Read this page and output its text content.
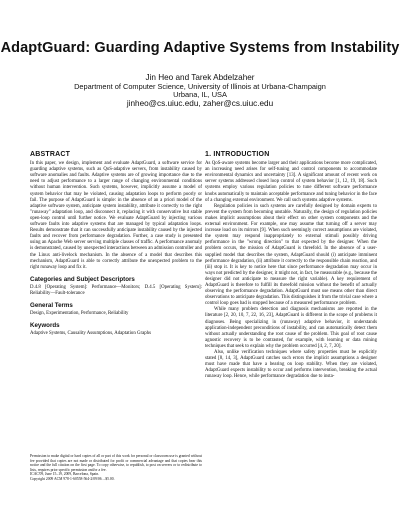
AdaptGuard: Guarding Adaptive Systems from Instability
Jin Heo and Tarek Abdelzaher
Department of Computer Science, University of Illinois at Urbana-Champaign
Urbana, IL, USA
jinheo@cs.uiuc.edu, zaher@cs.uiuc.edu
ABSTRACT

In this paper, we design, implement and evaluate AdaptGuard, a software service for guarding adaptive systems, such as QoS-adaptive servers, from instability caused by software anomalies and faults. Adaptive systems are of growing importance due to the need to adjust performance to a larger range of changing environmental conditions without human intervention. Such systems, however, implicitly assume a model of system behavior that may be violated, causing adaptation loops to perform poorly or fail. The purpose of AdaptGuard is simple: in the absence of an a priori model of the adaptive software system, anticipate system instability, attribute it correctly to the right "runaway" adaptation loop, and disconnect it, replacing it with conservative but stable open-loop control until further notice. We evaluate AdaptGuard by injecting various software faults into adaptive systems that are managed by typical adaptation loops. Results demonstrate that it can successfully anticipate instability caused by the injected faults and recover from performance degradation. Further, a case study is presented using an Apache Web server serving multiple classes of traffic. A performance anomaly is demonstrated, caused by unexpected interactions between an admission controller and the Linux anti-livelock mechanism. In the absence of a model that describes this mechanism, AdaptGuard is able to correctly attribute the unexpected problem to the right runaway loop and fix it.

Categories and Subject Descriptors

D.4.8 [Operating System]: Performance—Monitors; D.4.5 [Operating System]: Reliability—Fault-tolerance

General Terms

Design, Experimentation, Performance, Reliability

Keywords

Adaptive Systems, Causality Assumptions, Adaptation Graphs

Permission to make digital or hard copies of all or part of this work for personal or classroom use is granted without fee provided that copies are not made or distributed for profit or commercial advantage and that copies bear this notice and the full citation on the first page. To copy otherwise, to republish, to post on servers or to redistribute to lists, requires prior specific permission and/or a fee.

ICAC'09, June 15–19, 2009, Barcelona, Spain.
Copyright 2009 ACM 978-1-60558-564-2/09/06 ...$5.00.
1. INTRODUCTION

As QoS-aware systems become larger and their applications become more complicated, an increasing need arises for self-tuning and control components to accommodate environmental dynamics and uncertainty [13]. A significant amount of recent work on server systems addressed closed loop control of system behavior [1, 12, 19, 18]. Such systems employ various regulation policies to tune different software performance knobs automatically to maintain acceptable performance and tuning behavior in the face of a changing external environment. We call such systems adaptive systems.

Regulation policies in such systems are carefully designed by domain experts to prevent the system from becoming unstable. Naturally, the design of regulation policies makes implicit assumptions about their effect on other system components and the external environment. For example, one may assume that turning off a server may increase load on its mirrors [9]. When such seemingly correct assumptions are violated, the system may respond inappropriately to external stimuli possibly driving performance in the "wrong direction" to that expected by the designer. When the problem occurs, the mission of AdaptGuard is threefold. In the absence of a user-supplied model that describes the system, AdaptGuard should (i) anticipate imminent performance degradation, (ii) attribute it correctly to the responsible chain reaction, and (iii) stop it. It is key to notice here that since performance degradation may occur in ways not predicted by the designer, it might not, in fact, be measurable (e.g., because the designer did not anticipate to measure the right variable). A key requirement of AdaptGuard is therefore to fulfill its threefold mission without the benefit of actually observing the performance degradation. AdaptGuard must use means other than direct observations to anticipate degradation. This distinguishes it from the trivial case where a control loop goes bad is stopped because of a measured performance problem.

While many problem detection and diagnosis mechanisms are reported in the literature [2, 20, 10, 7, 22, 16, 23], AdaptGuard is different in the scope of problems it diagnoses. Being specializing in (runaway) adaptive behavior, it understands application-independent preconditions of instability, and can automatically detect them without actually understanding the root cause of the problem. This goal of root cause agnostic recovery is to be contrasted, for example, with learning or data mining techniques that seek to explain why the problem occurred [4, 2, 7, 20].

Also, unlike verification techniques where safety properties must be explicitly stated [8, 14, 3], AdaptGuard catches such errors the implicit assumptions a designer must have made that have a bearing on loop stability. When they are violated, AdaptGuard expects instability to occur and performs intervention, breaking the actual runaway loop. Hence, while performance degradation due to insta-
